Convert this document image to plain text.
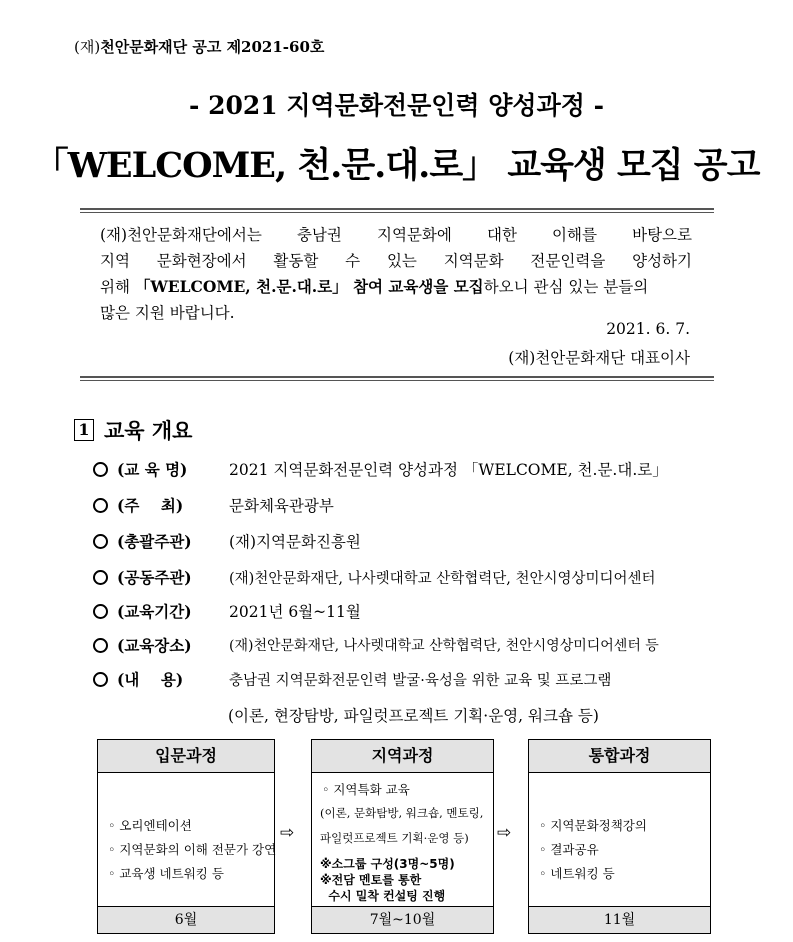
(재)천안문화재단 공고 제2021-60호
- 2021 지역문화전문인력 양성과정 -
「WELCOME, 천.문.대.로」 교육생 모집 공고
(재)천안문화재단에서는 충남권 지역문화에 대한 이해를 바탕으로
지역 문화현장에서 활동할 수 있는 지역문화 전문인력을 양성하기
위해 「WELCOME, 천.문.대.로」 참여 교육생을 모집하오니 관심 있는 분들의
많은 지원 바랍니다.
2021. 6. 7.
(재)천안문화재단 대표이사
1 교육 개요
(교 육 명)	2021 지역문화전문인력 양성과정 「WELCOME, 천.문.대.로」
(주    최)	문화체육관광부
(총괄주관)	(재)지역문화진흥원
(공동주관)	(재)천안문화재단, 나사렛대학교 산학협력단, 천안시영상미디어센터
(교육기간)	2021년 6월~11월
(교육장소)	(재)천안문화재단, 나사렛대학교 산학협력단, 천안시영상미디어센터 등
(내    용)	충남권 지역문화전문인력 발굴·육성을 위한 교육 및 프로그램
(이론, 현장탐방, 파일럿프로젝트 기획·운영, 워크숍 등)
입문과정
◦ 오리엔테이션
◦ 지역문화의 이해 전문가 강연
◦ 교육생 네트워킹 등
6월
⇨
지역과정
◦ 지역특화 교육
(이론, 문화탐방, 워크숍, 멘토링,
파일럿프로젝트 기획·운영 등)
※소그룹 구성(3명~5명)
※전담 멘토를 통한
수시 밀착 컨설팅 진행
7월~10월
⇨
통합과정
◦ 지역문화정책강의
◦ 결과공유
◦ 네트워킹 등
11월
